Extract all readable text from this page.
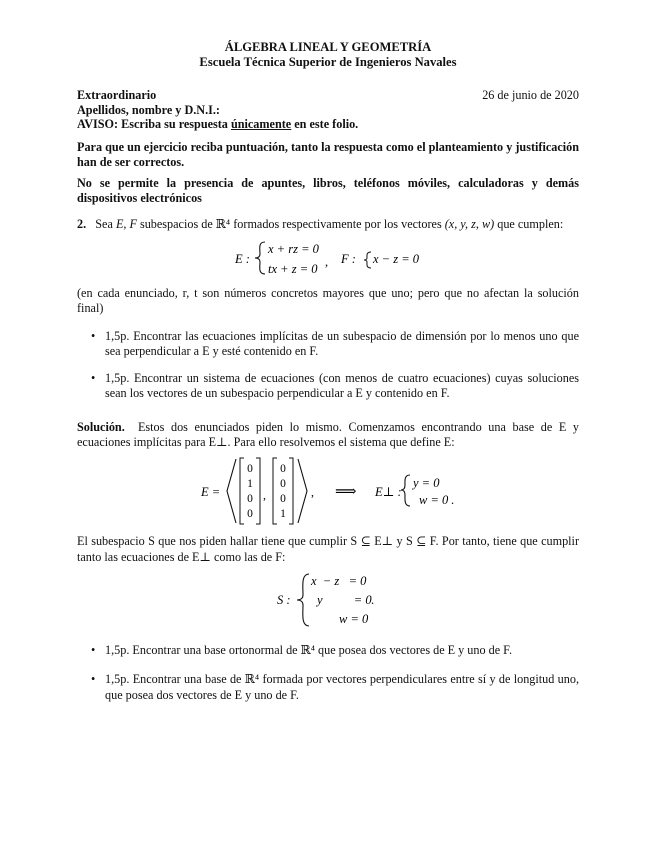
ÁLGEBRA LINEAL Y GEOMETRÍA
Escuela Técnica Superior de Ingenieros Navales
Extraordinario	26 de junio de 2020
Apellidos, nombre y D.N.I.:
AVISO: Escriba su respuesta únicamente en este folio.

Para que un ejercicio reciba puntuación, tanto la respuesta como el planteamiento y justificación han de ser correctos.

No se permite la presencia de apuntes, libros, teléfonos móviles, calculadoras y demás dispositivos electrónicos

2. Sea E, F subespacios de ℝ⁴ formados respectivamente por los vectores (x, y, z, w) que cumplen:

E :
x + rz = 0
tx + z = 0 , F : x − z = 0

(en cada enunciado, r, t son números concretos mayores que uno; pero que no afectan la solución final)

• 1,5p. Encontrar las ecuaciones implícitas de un subespacio de dimensión por lo menos uno que sea perpendicular a E y esté contenido en F.
• 1,5p. Encontrar un sistema de ecuaciones (con menos de cuatro ecuaciones) cuyas soluciones sean los vectores de un subespacio perpendicular a E y contenido en F.

Solución. Estos dos enunciados piden lo mismo. Comenzamos encontrando una base de E y ecuaciones implícitas para E⊥. Para ello resolvemos el sistema que define E:

E =
0
1
0
0
,
0
0
0
1
, ⟹ E⊥ :
y = 0
w = 0 .

El subespacio S que nos piden hallar tiene que cumplir S ⊆ E⊥ y S ⊆ F. Por tanto, tiene que cumplir tanto las ecuaciones de E⊥ como las de F:

S :
x  − z   = 0
y          = 0 .
w = 0
• 1,5p. Encontrar una base ortonormal de ℝ⁴ que posea dos vectores de E y uno de F.
• 1,5p. Encontrar una base de ℝ⁴ formada por vectores perpendiculares entre sí y de longitud uno, que posea dos vectores de E y uno de F.
